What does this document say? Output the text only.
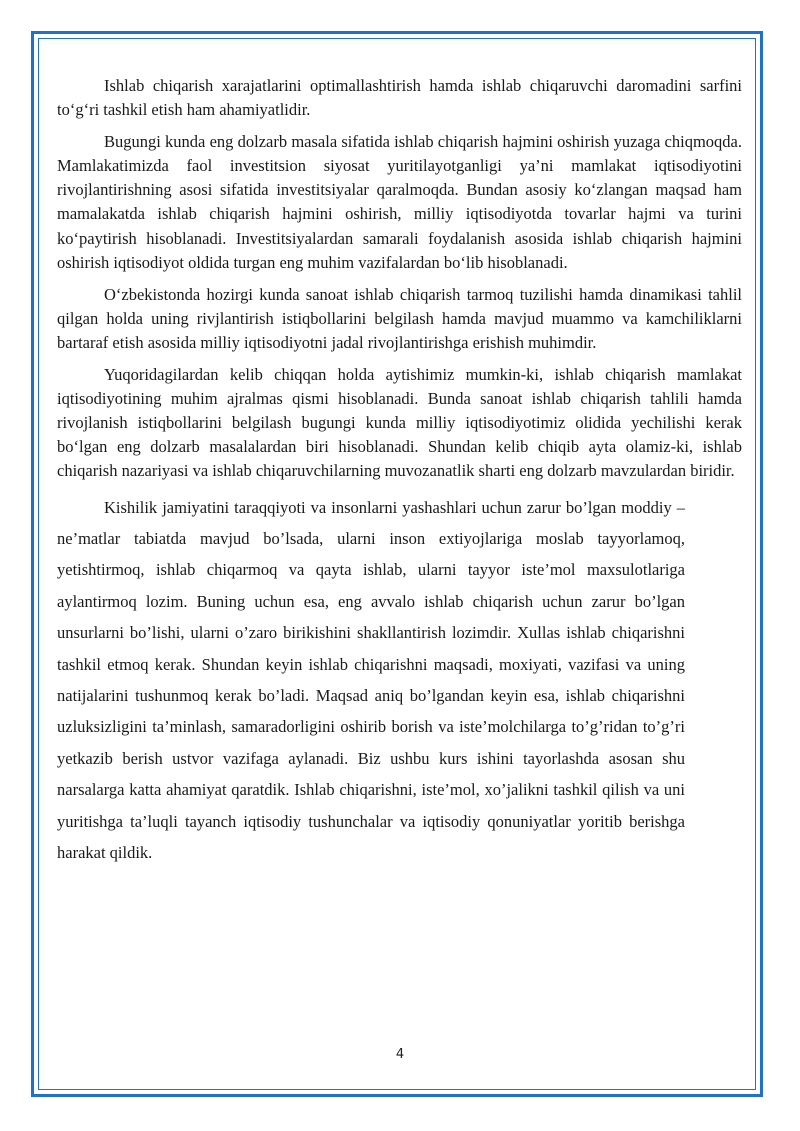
Ishlab chiqarish xarajatlarini optimallashtirish hamda ishlab chiqaruvchi daromadini sarfini to‘g‘ri tashkil etish ham ahamiyatlidir.

Bugungi kunda eng dolzarb masala sifatida ishlab chiqarish hajmini oshirish yuzaga chiqmoqda. Mamlakatimizda faol investitsion siyosat yuritilayotganligi ya’ni mamlakat iqtisodiyotini rivojlantirishning asosi sifatida investitsiyalar qaralmoqda. Bundan asosiy ko‘zlangan maqsad ham mamalakatda ishlab chiqarish hajmini oshirish, milliy iqtisodiyotda tovarlar hajmi va turini ko‘paytirish hisoblanadi. Investitsiyalardan samarali foydalanish asosida ishlab chiqarish hajmini oshirish iqtisodiyot oldida turgan eng muhim vazifalardan bo‘lib hisoblanadi.

O‘zbekistonda hozirgi kunda sanoat ishlab chiqarish tarmoq tuzilishi hamda dinamikasi tahlil qilgan holda uning rivjlantirish istiqbollarini belgilash hamda mavjud muammo va kamchiliklarni bartaraf etish asosida milliy iqtisodiyotni jadal rivojlantirishga erishish muhimdir.

Yuqoridagilardan kelib chiqqan holda aytishimiz mumkin-ki, ishlab chiqarish mamlakat iqtisodiyotining muhim ajralmas qismi hisoblanadi. Bunda sanoat ishlab chiqarish tahlili hamda rivojlanish istiqbollarini belgilash bugungi kunda milliy iqtisodiyotimiz olidida yechilishi kerak bo‘lgan eng dolzarb masalalardan biri hisoblanadi. Shundan kelib chiqib ayta olamiz-ki, ishlab chiqarish nazariyasi va ishlab chiqaruvchilarning muvozanatlik sharti eng dolzarb mavzulardan biridir.

Kishilik jamiyatini taraqqiyoti va insonlarni yashashlari uchun zarur bo’lgan moddiy – ne’matlar tabiatda mavjud bo’lsada, ularni inson extiyojlariga moslab tayyorlamoq, yetishtirmoq, ishlab chiqarmoq va qayta ishlab, ularni tayyor iste’mol maxsulotlariga aylantirmoq lozim. Buning uchun esa, eng avvalo ishlab chiqarish uchun zarur bo’lgan unsurlarni bo’lishi, ularni o’zaro birikishini shakllantirish lozimdir. Xullas ishlab chiqarishni tashkil etmoq kerak. Shundan keyin ishlab chiqarishni maqsadi, moxiyati, vazifasi va uning natijalarini tushunmoq kerak bo’ladi. Maqsad aniq bo’lgandan keyin esa, ishlab chiqarishni uzluksizligini ta’minlash, samaradorligini oshirib borish va iste’molchilarga to’g’ridan to’g’ri yetkazib berish ustvor vazifaga aylanadi. Biz ushbu kurs ishini tayorlashda asosan shu narsalarga katta ahamiyat qaratdik. Ishlab chiqarishni, iste’mol, xo’jalikni tashkil qilish va uni yuritishga ta’luqli tayanch iqtisodiy tushunchalar va iqtisodiy qonuniyatlar yoritib berishga harakat qildik.

4
